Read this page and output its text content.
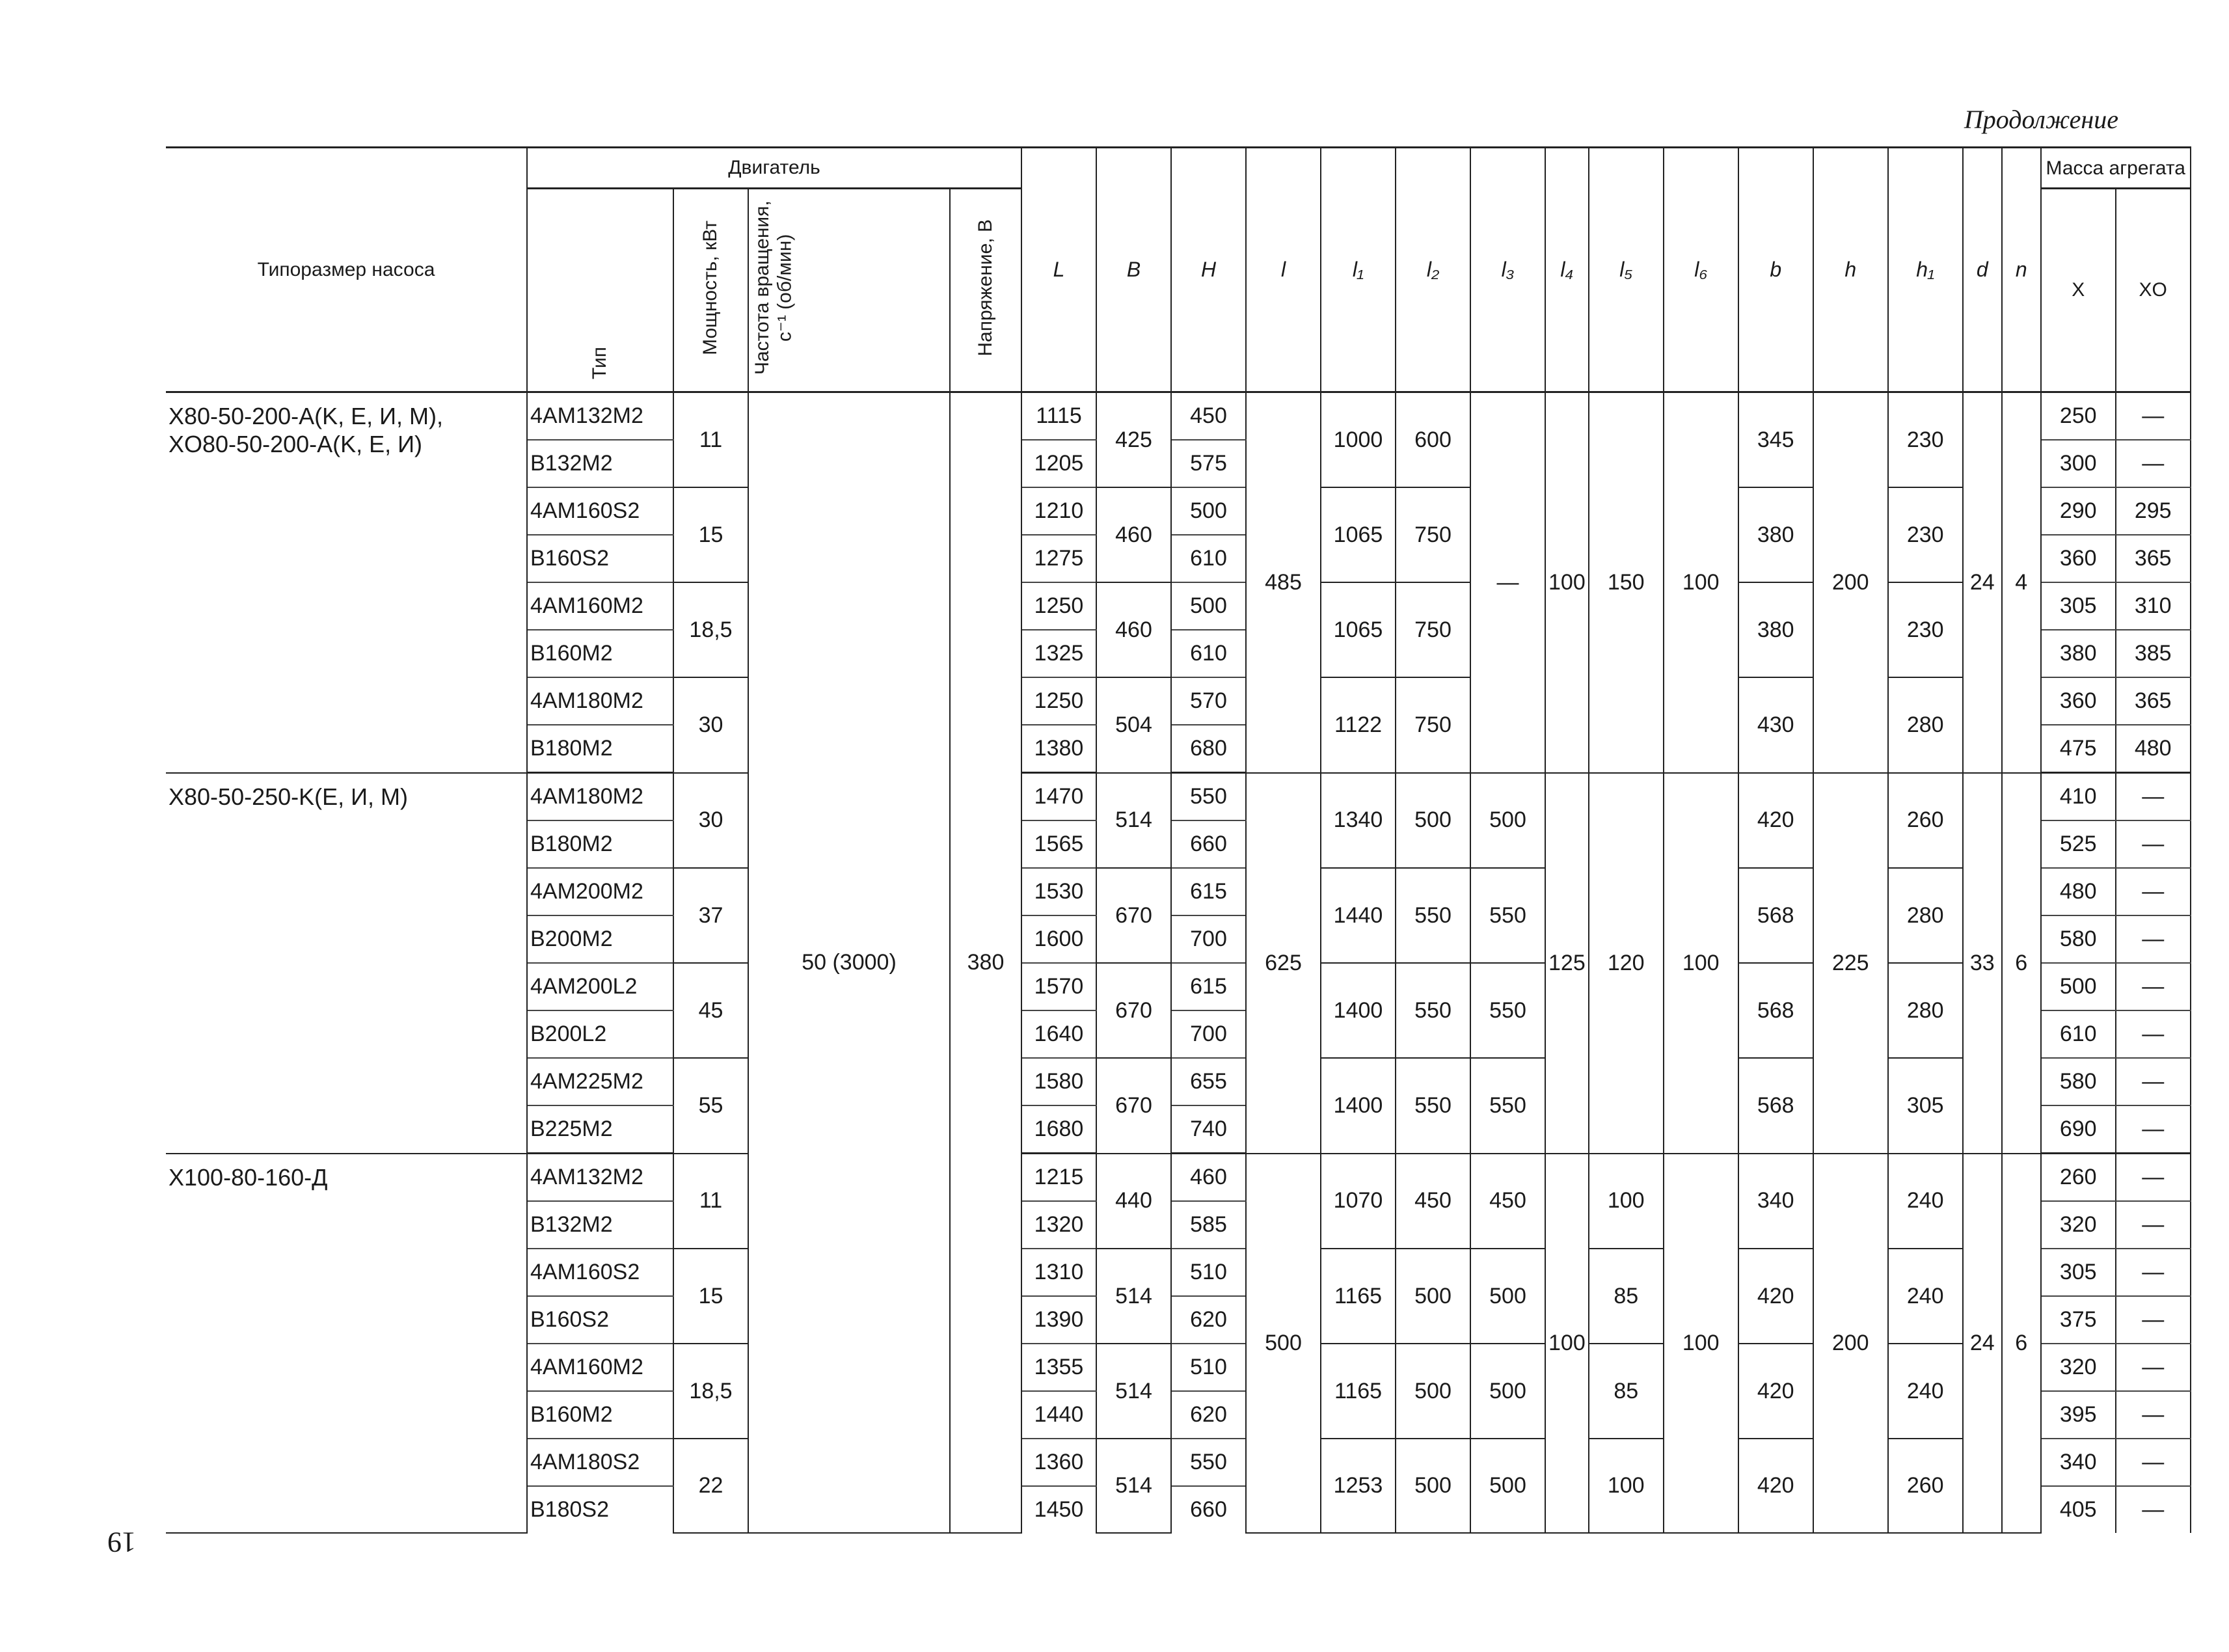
Продолжение
Типоразмер насоса	Двигатель				L	B	H	l	l₁	l₂	l₃	l₄	l₅	l₆	b	h	h₁	d	n	Масса агрегата	
	Тип	Мощность, кВт	Частота вращения, с⁻¹ (об/мин)	Напряжение, В																X	XO
X80-50-200-A(K, E, И, M),
XO80-50-200-A(K, E, И)	4AM132M2	11	50 (3000)	380	1115	425	450	485	1000	600	—	100	150	100	345	200	230	24	4	250	—
	B132M2				1205		575													300	—
	4AM160S2	15			1210	460	500		1065	750					380		230			290	295
	B160S2				1275		610													360	365
	4AM160M2	18,5			1250	460	500		1065	750					380		230			305	310
	B160M2				1325		610													380	385
	4AM180M2	30			1250	504	570		1122	750					430		280			360	365
	B180M2				1380		680													475	480
X80-50-250-K(E, И, M)	4AM180M2	30			1470	514	550	625	1340	500	500	125	120	100	420	225	260	33	6	410	—
	B180M2				1565		660													525	—
	4AM200M2	37			1530	670	615		1440	550	550				568		280			480	—
	B200M2				1600		700													580	—
	4AM200L2	45			1570	670	615		1400	550	550				568		280			500	—
	B200L2				1640		700													610	—
	4AM225M2	55			1580	670	655		1400	550	550				568		305			580	—
	B225M2				1680		740													690	—
X100-80-160-Д	4AM132M2	11			1215	440	460	500	1070	450	450	100	100	100	340	200	240	24	6	260	—
	B132M2				1320		585													320	—
	4AM160S2	15			1310	514	510		1165	500	500		85		420		240			305	—
	B160S2				1390		620													375	—
	4AM160M2	18,5			1355	514	510		1165	500	500		85		420		240			320	—
	B160M2				1440		620													395	—
	4AM180S2	22			1360	514	550		1253	500	500		100		420		260			340	—
	B180S2				1450		660													405	—
19
